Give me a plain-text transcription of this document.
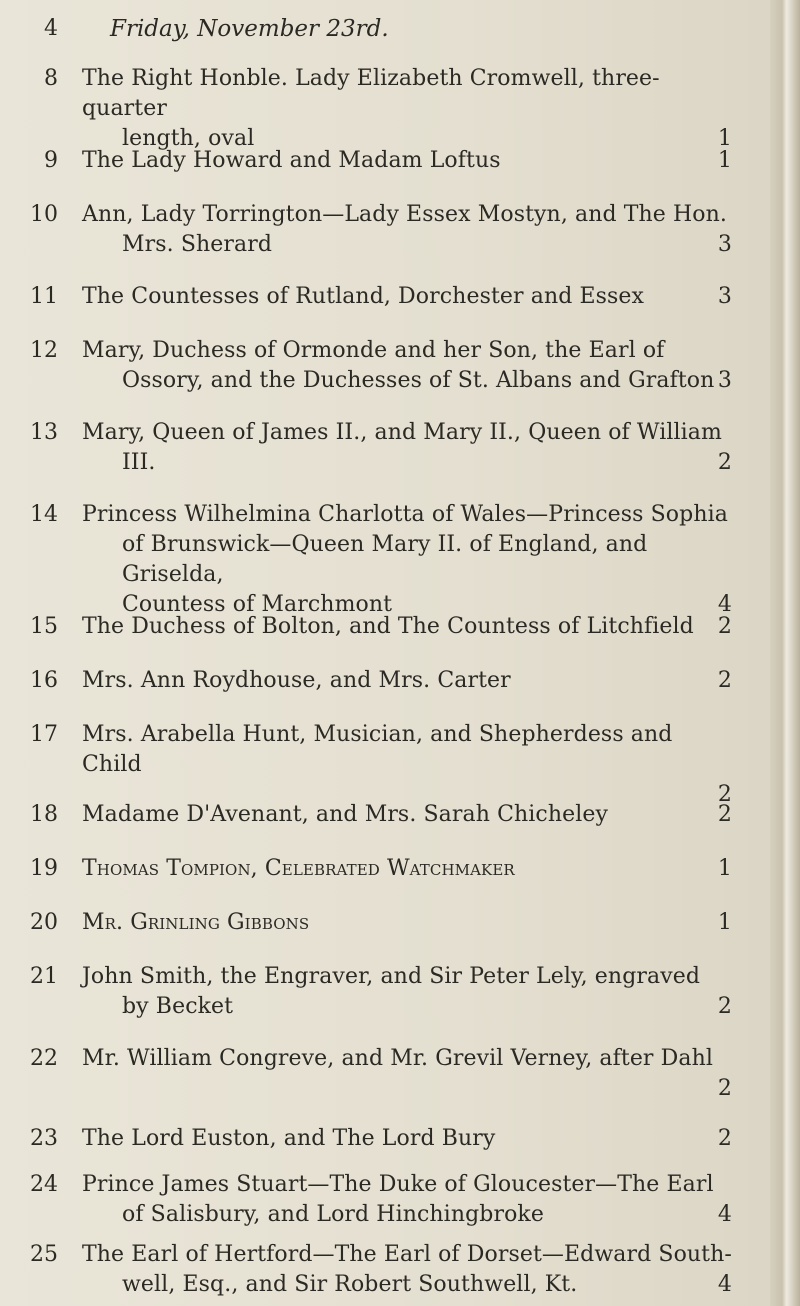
4 Friday, November 23rd.
8 The Right Honble. Lady Elizabeth Cromwell, three-quarter
length, oval	1
9 The Lady Howard and Madam Loftus	1
10 Ann, Lady Torrington—Lady Essex Mostyn, and The Hon.
Mrs. Sherard	3
11 The Countesses of Rutland, Dorchester and Essex	3
12 Mary, Duchess of Ormonde and her Son, the Earl of
Ossory, and the Duchesses of St. Albans and Grafton 3
13 Mary, Queen of James II., and Mary II., Queen of William
III.	2
14 Princess Wilhelmina Charlotta of Wales—Princess Sophia
of Brunswick—Queen Mary II. of England, and Griselda,
Countess of Marchmont	4
15 The Duchess of Bolton, and The Countess of Litchfield 2
16 Mrs. Ann Roydhouse, and Mrs. Carter	2
17 Mrs. Arabella Hunt, Musician, and Shepherdess and Child
2
18 Madame D'Avenant, and Mrs. Sarah Chicheley	2
19 Thomas Tompion, Celebrated Watchmaker	1
20 Mr. Grinling Gibbons	1
21 John Smith, the Engraver, and Sir Peter Lely, engraved
by Becket	2
22 Mr. William Congreve, and Mr. Grevil Verney, after Dahl
2
23 The Lord Euston, and The Lord Bury	2
24 Prince James Stuart—The Duke of Gloucester—The Earl
of Salisbury, and Lord Hinchingbroke	4
25 The Earl of Hertford—The Earl of Dorset—Edward South-
well, Esq., and Sir Robert Southwell, Kt.	4
